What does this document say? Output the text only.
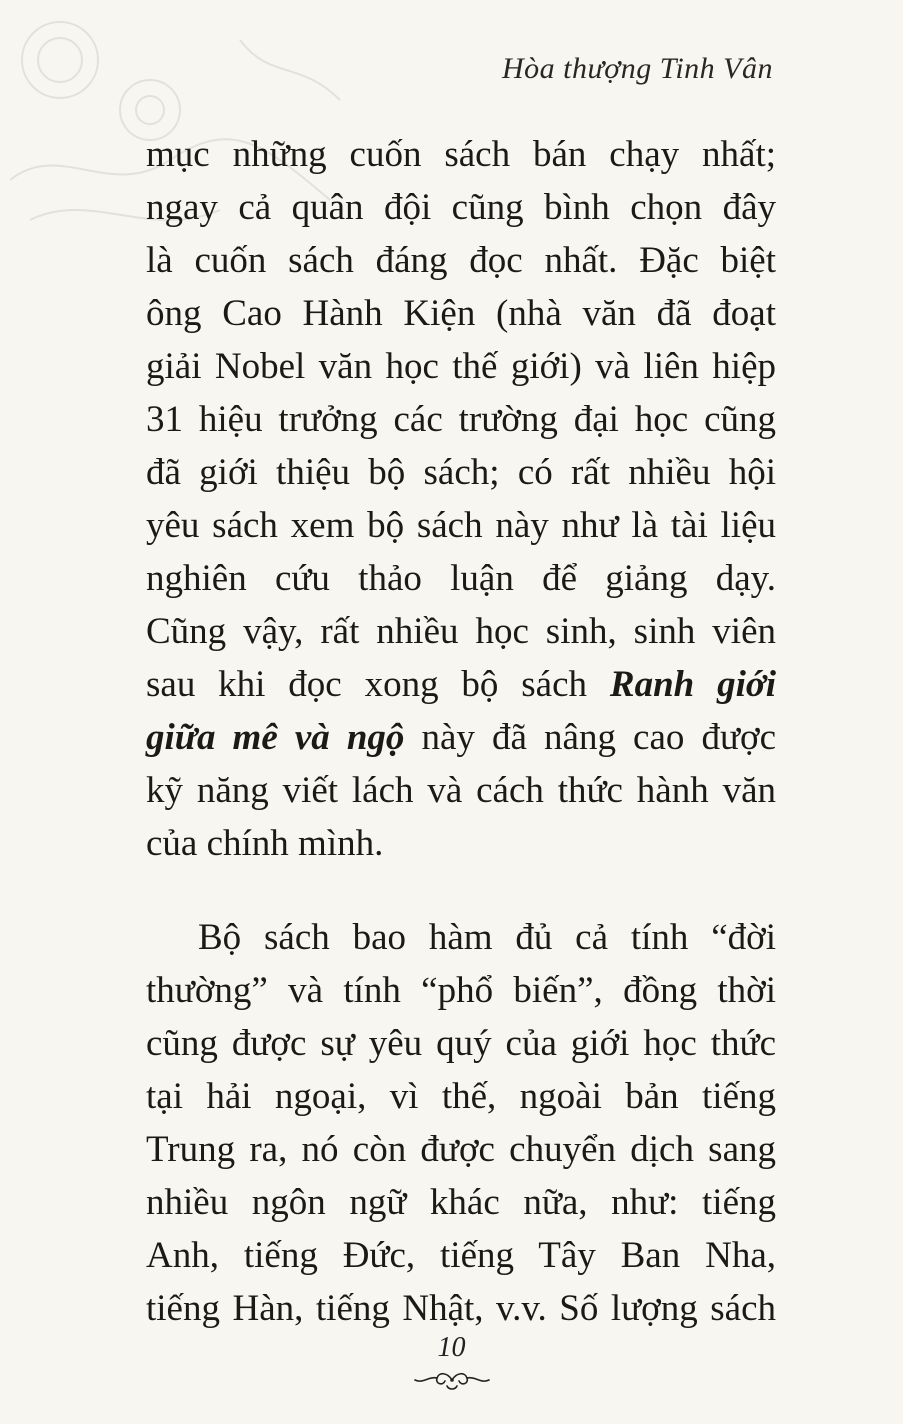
Hòa thượng Tinh Vân
mục những cuốn sách bán chạy nhất;
ngay cả quân đội cũng bình chọn đây
là cuốn sách đáng đọc nhất. Đặc biệt
ông Cao Hành Kiện (nhà văn đã đoạt
giải Nobel văn học thế giới) và liên hiệp
31 hiệu trưởng các trường đại học cũng
đã giới thiệu bộ sách; có rất nhiều hội
yêu sách xem bộ sách này như là tài liệu
nghiên cứu thảo luận để giảng dạy.
Cũng vậy, rất nhiều học sinh, sinh viên
sau khi đọc xong bộ sách Ranh giới
giữa mê và ngộ này đã nâng cao được
kỹ năng viết lách và cách thức hành văn
của chính mình.
Bộ sách bao hàm đủ cả tính “đời
thường” và tính “phổ biến”, đồng thời
cũng được sự yêu quý của giới học thức
tại hải ngoại, vì thế, ngoài bản tiếng
Trung ra, nó còn được chuyển dịch sang
nhiều ngôn ngữ khác nữa, như: tiếng
Anh, tiếng Đức, tiếng Tây Ban Nha,
tiếng Hàn, tiếng Nhật, v.v. Số lượng sách
10
